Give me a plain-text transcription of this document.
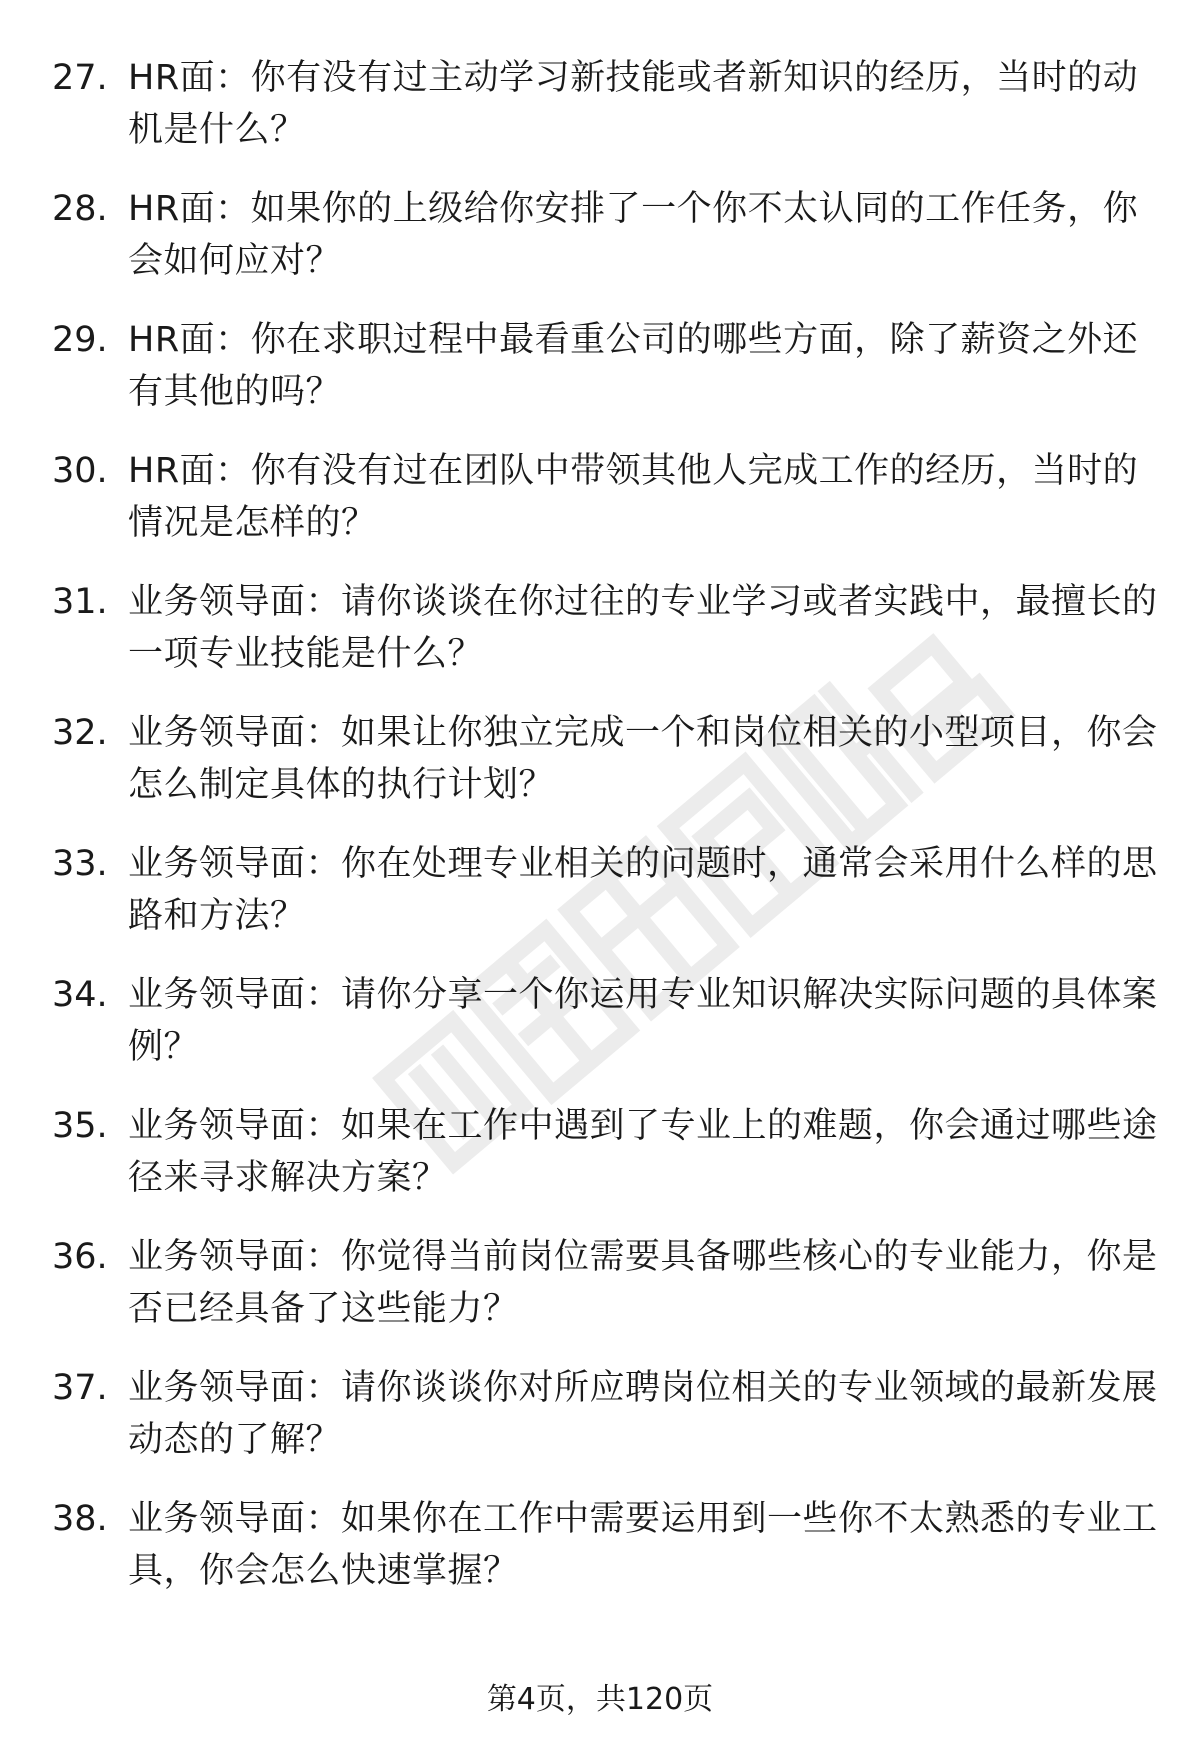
27. HR面：你有没有过主动学习新技能或者新知识的经历，当时的动机是什么？
28. HR面：如果你的上级给你安排了一个你不太认同的工作任务，你会如何应对？
29. HR面：你在求职过程中最看重公司的哪些方面，除了薪资之外还有其他的吗？
30. HR面：你有没有过在团队中带领其他人完成工作的经历，当时的情况是怎样的？
31. 业务领导面：请你谈谈在你过往的专业学习或者实践中，最擅长的一项专业技能是什么？
32. 业务领导面：如果让你独立完成一个和岗位相关的小型项目，你会怎么制定具体的执行计划？
33. 业务领导面：你在处理专业相关的问题时，通常会采用什么样的思路和方法？
34. 业务领导面：请你分享一个你运用专业知识解决实际问题的具体案例？
35. 业务领导面：如果在工作中遇到了专业上的难题，你会通过哪些途径来寻求解决方案？
36. 业务领导面：你觉得当前岗位需要具备哪些核心的专业能力，你是否已经具备了这些能力？
37. 业务领导面：请你谈谈你对所应聘岗位相关的专业领域的最新发展动态的了解？
38. 业务领导面：如果你在工作中需要运用到一些你不太熟悉的专业工具，你会怎么快速掌握？
第4页，共120页
